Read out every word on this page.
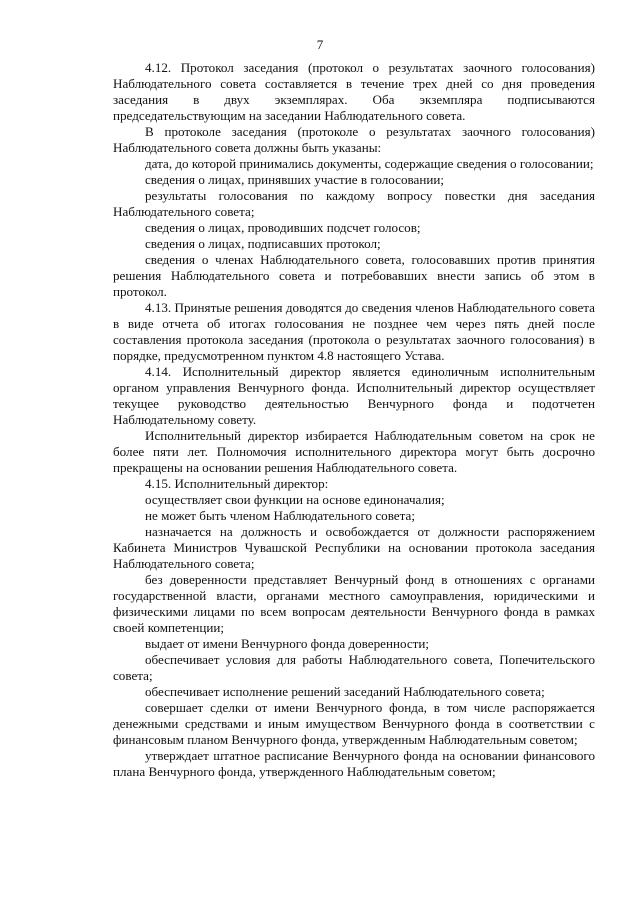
7

4.12. Протокол заседания (протокол о результатах заочного голосования) Наблюдательного совета составляется в течение трех дней со дня проведения заседания в двух экземплярах. Оба экземпляра подписываются председательствующим на заседании Наблюдательного совета.

В протоколе заседания (протоколе о результатах заочного голосования) Наблюдательного совета должны быть указаны:

дата, до которой принимались документы, содержащие сведения о голосовании;

сведения о лицах, принявших участие в голосовании;

результаты голосования по каждому вопросу повестки дня заседания Наблюдательного совета;

сведения о лицах, проводивших подсчет голосов;

сведения о лицах, подписавших протокол;

сведения о членах Наблюдательного совета, голосовавших против принятия решения Наблюдательного совета и потребовавших внести запись об этом в протокол.

4.13. Принятые решения доводятся до сведения членов Наблюдательного совета в виде отчета об итогах голосования не позднее чем через пять дней после составления протокола заседания (протокола о результатах заочного голосования) в порядке, предусмотренном пунктом 4.8 настоящего Устава.

4.14. Исполнительный директор является единоличным исполнительным органом управления Венчурного фонда. Исполнительный директор осуществляет текущее руководство деятельностью Венчурного фонда и подотчетен Наблюдательному совету.

Исполнительный директор избирается Наблюдательным советом на срок не более пяти лет. Полномочия исполнительного директора могут быть досрочно прекращены на основании решения Наблюдательного совета.

4.15. Исполнительный директор:

осуществляет свои функции на основе единоначалия;

не может быть членом Наблюдательного совета;

назначается на должность и освобождается от должности распоряжением Кабинета Министров Чувашской Республики на основании протокола заседания Наблюдательного совета;

без доверенности представляет Венчурный фонд в отношениях с органами государственной власти, органами местного самоуправления, юридическими и физическими лицами по всем вопросам деятельности Венчурного фонда в рамках своей компетенции;

выдает от имени Венчурного фонда доверенности;

обеспечивает условия для работы Наблюдательного совета, Попечительского совета;

обеспечивает исполнение решений заседаний Наблюдательного совета;

совершает сделки от имени Венчурного фонда, в том числе распоряжается денежными средствами и иным имуществом Венчурного фонда в соответствии с финансовым планом Венчурного фонда, утвержденным Наблюдательным советом;

утверждает штатное расписание Венчурного фонда на основании финансового плана Венчурного фонда, утвержденного Наблюдательным советом;
